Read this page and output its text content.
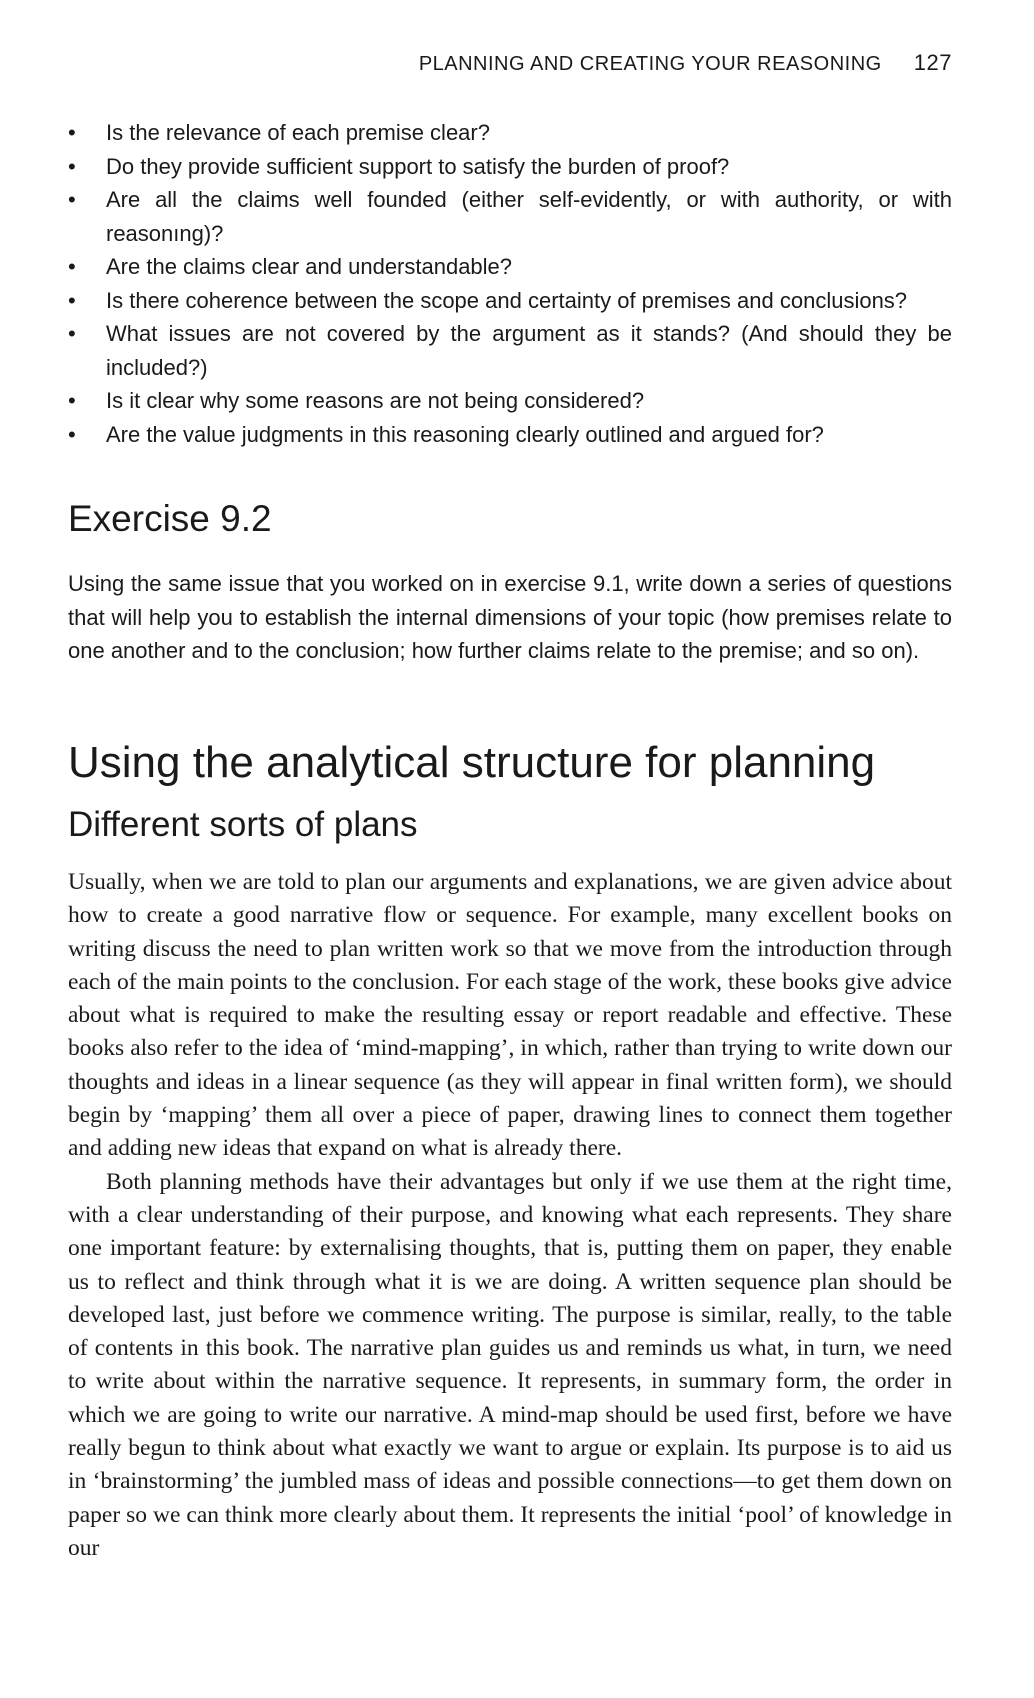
PLANNING AND CREATING YOUR REASONING 127
• Is the relevance of each premise clear?
• Do they provide sufficient support to satisfy the burden of proof?
• Are all the claims well founded (either self-evidently, or with authority, or with reasonıng)?
• Are the claims clear and understandable?
• Is there coherence between the scope and certainty of premises and conclusions?
• What issues are not covered by the argument as it stands? (And should they be included?)
• Is it clear why some reasons are not being considered?
• Are the value judgments in this reasoning clearly outlined and argued for?
Exercise 9.2

Using the same issue that you worked on in exercise 9.1, write down a series of questions that will help you to establish the internal dimensions of your topic (how premises relate to one another and to the conclusion; how further claims relate to the premise; and so on).

Using the analytical structure for planning
Different sorts of plans

Usually, when we are told to plan our arguments and explanations, we are given advice about how to create a good narrative flow or sequence. For example, many excellent books on writing discuss the need to plan written work so that we move from the introduction through each of the main points to the conclusion. For each stage of the work, these books give advice about what is required to make the resulting essay or report readable and effective. These books also refer to the idea of ‘mind-mapping’, in which, rather than trying to write down our thoughts and ideas in a linear sequence (as they will appear in final written form), we should begin by ‘mapping’ them all over a piece of paper, drawing lines to connect them together and adding new ideas that expand on what is already there.

Both planning methods have their advantages but only if we use them at the right time, with a clear understanding of their purpose, and knowing what each represents. They share one important feature: by externalising thoughts, that is, putting them on paper, they enable us to reflect and think through what it is we are doing. A written sequence plan should be developed last, just before we commence writing. The purpose is similar, really, to the table of contents in this book. The narrative plan guides us and reminds us what, in turn, we need to write about within the narrative sequence. It represents, in summary form, the order in which we are going to write our narrative. A mind-map should be used first, before we have really begun to think about what exactly we want to argue or explain. Its purpose is to aid us in ‘brainstorming’ the jumbled mass of ideas and possible connections—to get them down on paper so we can think more clearly about them. It represents the initial ‘pool’ of knowledge in our
